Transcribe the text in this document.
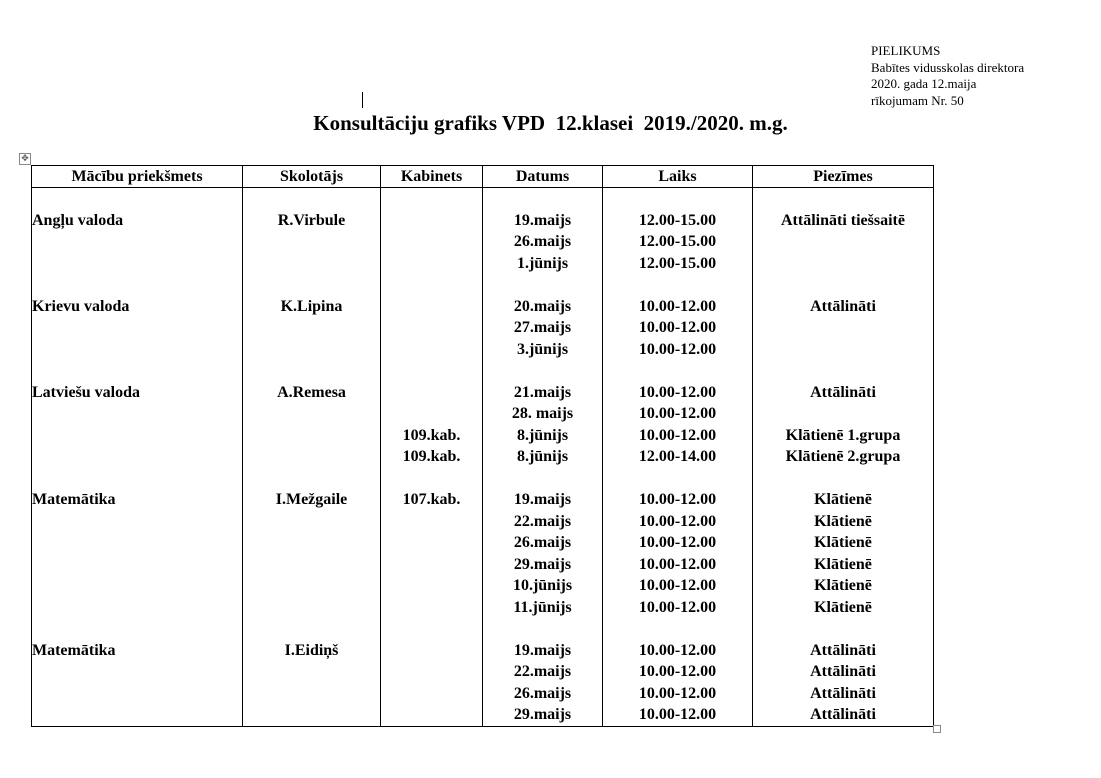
PIELIKUMS
Babītes vidusskolas direktora
2020. gada 12.maija
rīkojumam Nr. 50
Konsultāciju grafiks VPD  12.klasei  2019./2020. m.g.
✥
Mācību priekšmets	Skolotājs	Kabinets	Datums	Laiks	Piezīmes

Angļu valoda	R.Virbule		19.maijs	12.00-15.00	Attālināti tiešsaitē
			26.maijs	12.00-15.00	
			1.jūnijs	12.00-15.00	

Krievu valoda	K.Lipina		20.maijs	10.00-12.00	Attālināti
			27.maijs	10.00-12.00	
			3.jūnijs	10.00-12.00	

Latviešu valoda	A.Remesa		21.maijs	10.00-12.00	Attālināti
			28. maijs	10.00-12.00	
		109.kab.	8.jūnijs	10.00-12.00	Klātienē 1.grupa
		109.kab.	8.jūnijs	12.00-14.00	Klātienē 2.grupa

Matemātika	I.Mežgaile	107.kab.	19.maijs	10.00-12.00	Klātienē
			22.maijs	10.00-12.00	Klātienē
			26.maijs	10.00-12.00	Klātienē
			29.maijs	10.00-12.00	Klātienē
			10.jūnijs	10.00-12.00	Klātienē
			11.jūnijs	10.00-12.00	Klātienē

Matemātika	I.Eidiņš		19.maijs	10.00-12.00	Attālināti
			22.maijs	10.00-12.00	Attālināti
			26.maijs	10.00-12.00	Attālināti
			29.maijs	10.00-12.00	Attālināti
